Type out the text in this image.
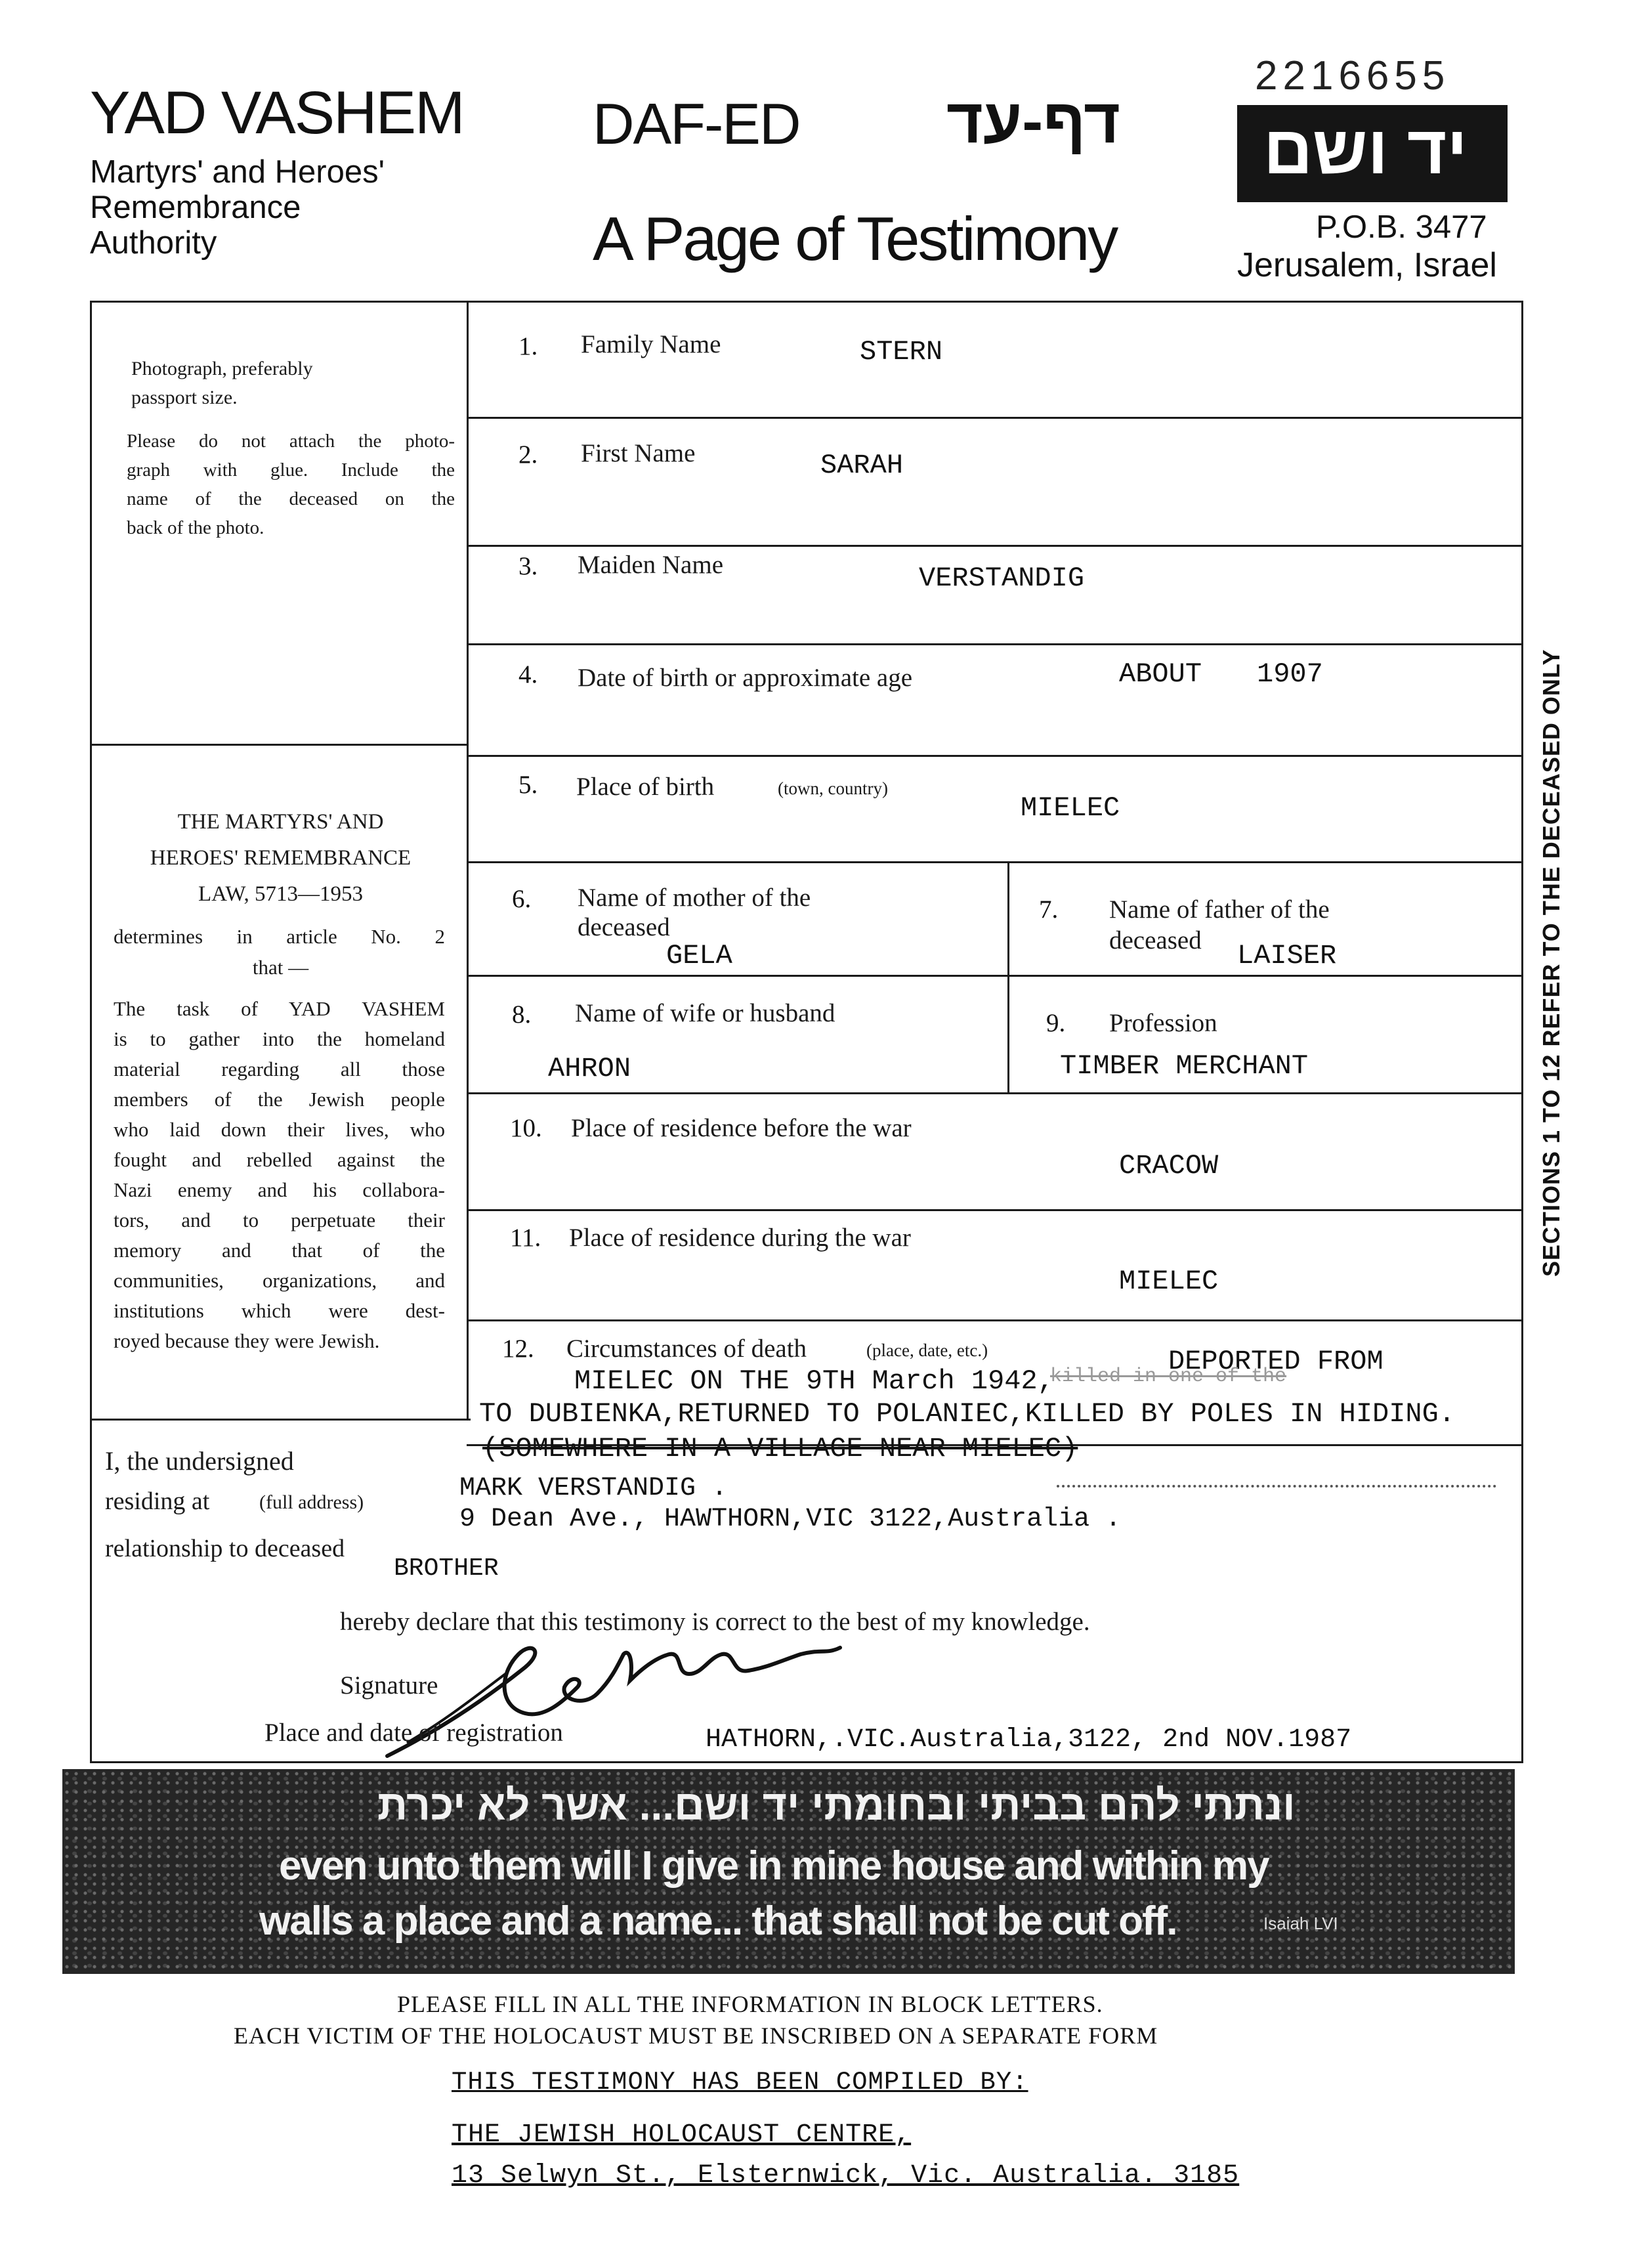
YAD VASHEM
Martyrs' and Heroes'
Remembrance
Authority
DAF-ED דף-עד
A Page of Testimony
2216655
יד ושם
P.O.B. 3477
Jerusalem, Israel
Photograph, preferably
passport size.
Please do not attach the photo-
graph with glue. Include the
name of the deceased on the
back of the photo.
THE MARTYRS' AND
HEROES' REMEMBRANCE
LAW, 5713—1953
determines in article No. 2
that —
The task of YAD VASHEM
is to gather into the homeland
material regarding all those
members of the Jewish people
who laid down their lives, who
fought and rebelled against the
Nazi enemy and his collabora-
tors, and to perpetuate their
memory and that of the
communities, organizations, and
institutions which were dest-
royed because they were Jewish.
1. Family Name	STERN
2. First Name	SARAH
3. Maiden Name	VERSTANDIG
4. Date of birth or approximate age	ABOUT 1907
5. Place of birth	(town, country)
MIELEC
6. Name of mother of the
deceased
GELA
7. Name of father of the
deceased LAISER
8. Name of wife or husband
AHRON
9. Profession
TIMBER MERCHANT
10. Place of residence before the war
CRACOW
11. Place of residence during the war
MIELEC
12. Circumstances of death	(place, date, etc.)	DEPORTED FROM
MIELEC ON THE 9TH March 1942,
killed in one of the
TO DUBIENKA,RETURNED TO POLANIEC,KILLED BY POLES IN HIDING.
(SOMEWHERE IN A VILLAGE NEAR MIELEC)
SECTIONS 1 TO 12 REFER TO THE DECEASED ONLY
I, the undersigned
MARK VERSTANDIG .
residing at	(full address)
9 Dean Ave., HAWTHORN,VIC 3122,Australia .
relationship to deceased
BROTHER
hereby declare that this testimony is correct to the best of my knowledge.
Signature
Place and date of registration	HATHORN,.VIC.Australia,3122, 2nd NOV.1987
ונתתי להם בביתי ובחומתי יד ושם... אשר לא יכרת
even unto them will I give in mine house and within my
walls a place and a name... that shall not be cut off.	Isaiah LVI
PLEASE FILL IN ALL THE INFORMATION IN BLOCK LETTERS.
EACH VICTIM OF THE HOLOCAUST MUST BE INSCRIBED ON A SEPARATE FORM
THIS TESTIMONY HAS BEEN COMPILED BY:
THE JEWISH HOLOCAUST CENTRE,
13 Selwyn St., Elsternwick, Vic. Australia. 3185
